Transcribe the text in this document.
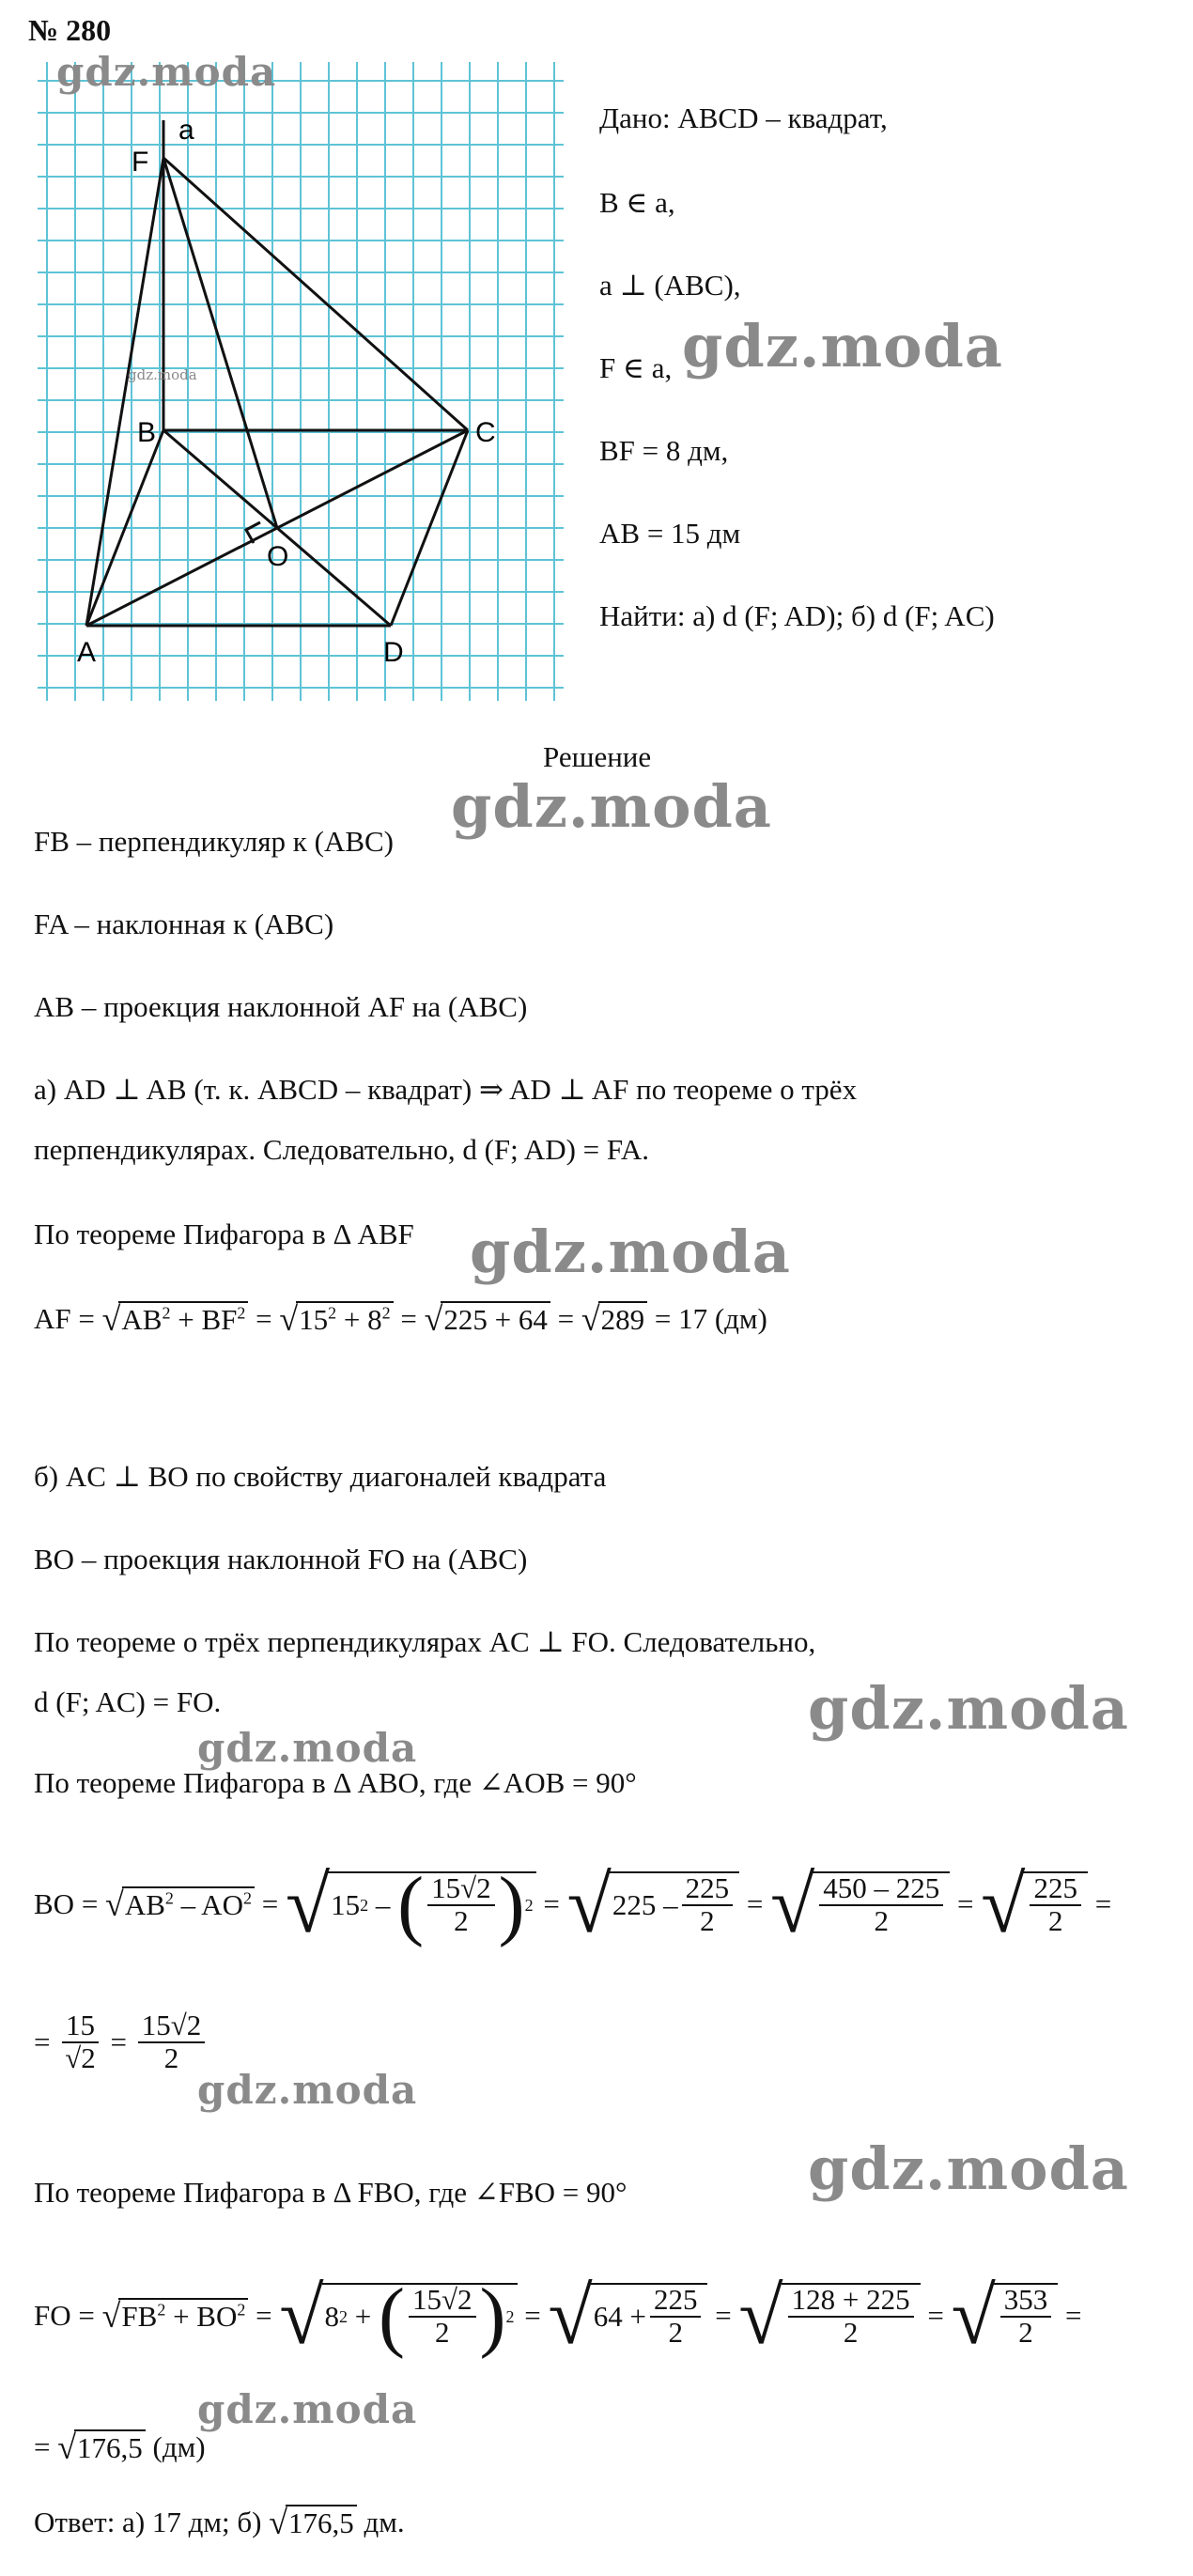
№ 280
a
F
B	C
O
A	D
gdz.moda
Дано: ABCD – квадрат,
B ∈ a,
a ⊥ (ABC),
F ∈ a,
BF = 8 дм,
AB = 15 дм
Найти: а) d (F; AD); б) d (F; AC)
Решение
FB – перпендикуляр к (ABC)
FA – наклонная к (ABC)
AB – проекция наклонной AF на (ABC)
а) AD ⊥ AB (т. к. ABCD – квадрат) ⇒ AD ⊥ AF по теореме о трёх
перпендикулярах. Следовательно, d (F; AD) = FA.
По теореме Пифагора в Δ ABF
AF =
√ $AB^2 + BF^2$
=
√ $15^2 + 8^2$
=
√ 225 + 64
=
√ 289
= 17 (дм)
б) AC ⊥ BO по свойству диагоналей квадрата
BO – проекция наклонной FO на (ABC)
По теореме о трёх перпендикулярах AC ⊥ FO. Следовательно,
d (F; AC) = FO.
По теореме Пифагора в Δ ABO, где ∠AOB = 90°
BO =
√ $AB^2 - AO^2$
=
√ 15 2
–
( $\frac{15√2}{2}$ ) 2
=
√ $225 - \frac{225}{2}$
=
√ $\frac{450 - 225}{2}$
=
√ $\frac{225}{2}$
=
=
$\frac{15}{√2}$
=
$\frac{15√2}{2}$
По теореме Пифагора в Δ FBO, где ∠FBO = 90°
FO =
√ $FB^2 + BO^2$
=
√ 8 2
+
( $\frac{15√2}{2}$ ) 2
=
√ $64 + \frac{225}{2}$
=
√ $\frac{128 + 225}{2}$
=
√ $\frac{353}{2}$
=
=
√ 176,5
(дм)
Ответ: а) 17 дм; б)
√ 176,5
дм.
gdz.moda
gdz.moda
gdz.moda
gdz.moda
gdz.moda
gdz.moda
gdz.moda
gdz.moda
gdz.moda
